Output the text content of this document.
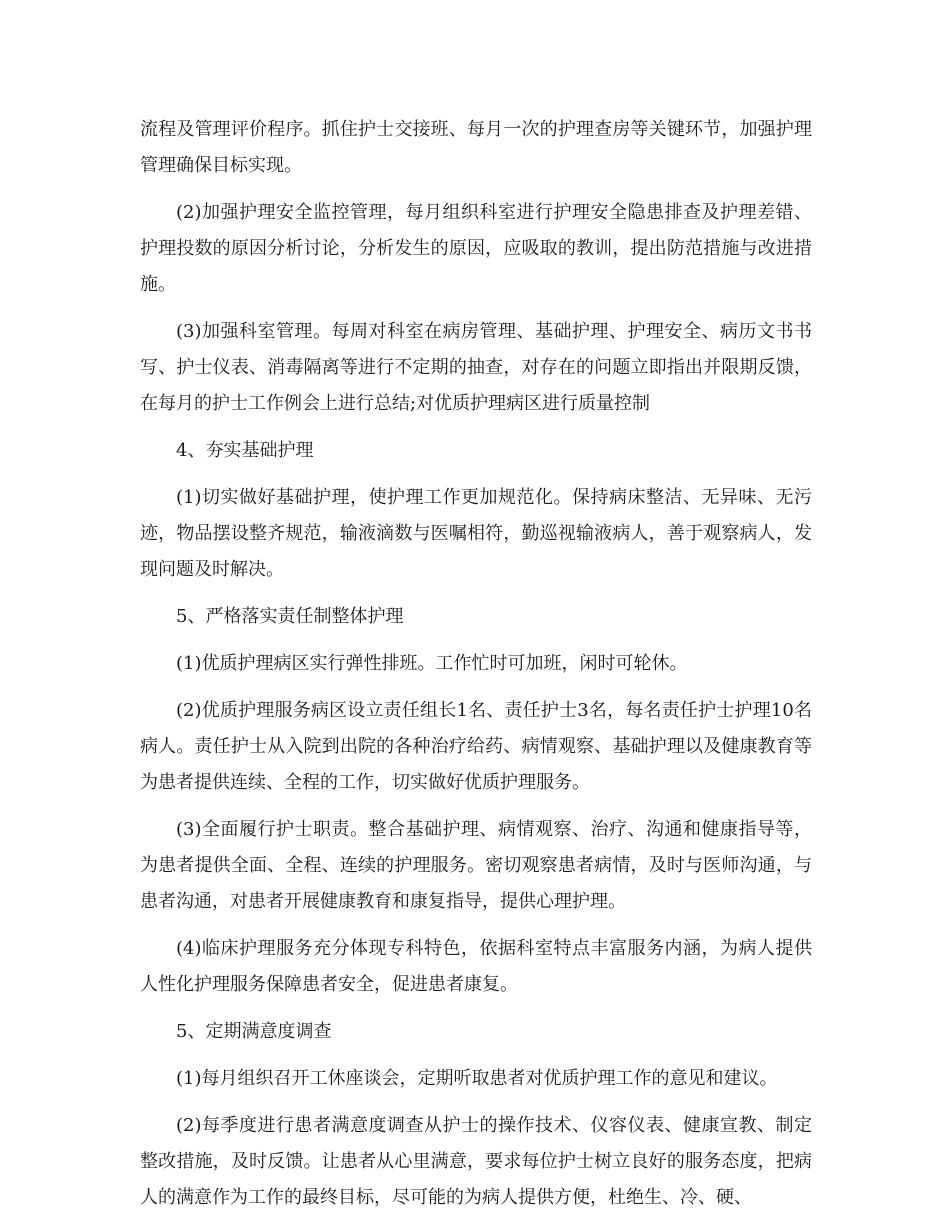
流程及管理评价程序。抓住护士交接班、每月一次的护理查房等关键环节，加强护理管理确保目标实现。

(2)加强护理安全监控管理，每月组织科室进行护理安全隐患排查及护理差错、护理投数的原因分析讨论，分析发生的原因，应吸取的教训，提出防范措施与改进措施。

(3)加强科室管理。每周对科室在病房管理、基础护理、护理安全、病历文书书写、护士仪表、消毒隔离等进行不定期的抽查，对存在的问题立即指出并限期反馈，在每月的护士工作例会上进行总结;对优质护理病区进行质量控制

4、夯实基础护理

(1)切实做好基础护理，使护理工作更加规范化。保持病床整洁、无异味、无污迹，物品摆设整齐规范，输液滴数与医嘱相符，勤巡视输液病人，善于观察病人，发现问题及时解决。

5、严格落实责任制整体护理

(1)优质护理病区实行弹性排班。工作忙时可加班，闲时可轮休。

(2)优质护理服务病区设立责任组长1名、责任护士3名，每名责任护士护理10名病人。责任护士从入院到出院的各种治疗给药、病情观察、基础护理以及健康教育等为患者提供连续、全程的工作，切实做好优质护理服务。

(3)全面履行护士职责。整合基础护理、病情观察、治疗、沟通和健康指导等，为患者提供全面、全程、连续的护理服务。密切观察患者病情，及时与医师沟通，与患者沟通，对患者开展健康教育和康复指导，提供心理护理。

(4)临床护理服务充分体现专科特色，依据科室特点丰富服务内涵，为病人提供人性化护理服务保障患者安全，促进患者康复。

5、定期满意度调查

(1)每月组织召开工休座谈会，定期听取患者对优质护理工作的意见和建议。

(2)每季度进行患者满意度调查从护士的操作技术、仪容仪表、健康宣教、制定整改措施，及时反馈。让患者从心里满意，要求每位护士树立良好的服务态度，把病人的满意作为工作的最终目标，尽可能的为病人提供方便，杜绝生、冷、硬、
